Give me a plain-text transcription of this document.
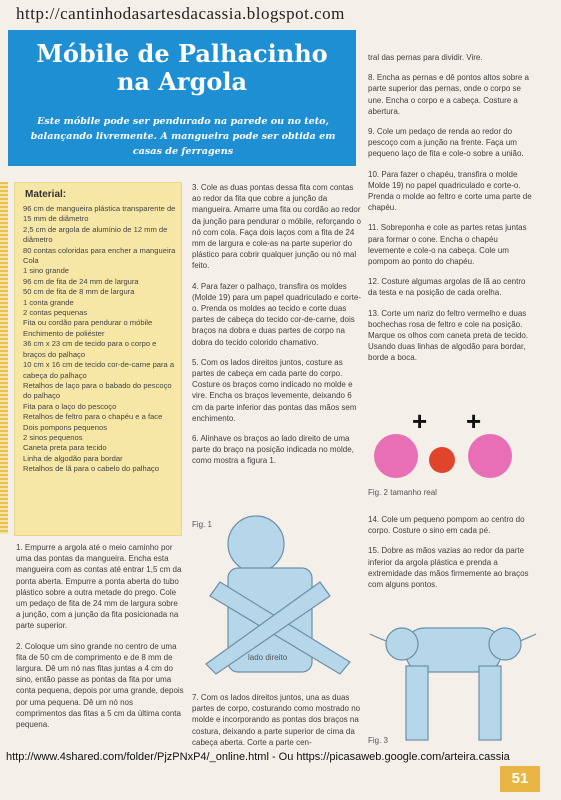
http://cantinhodasartesdacassia.blogspot.com
Móbile de Palhacinho
na Argola
Este móbile pode ser pendurado na parede ou no teto, balançando livremente. A mangueira pode ser obtida em casas de ferragens
Material:
96 cm de mangueira plástica transparente de 15 mm de diâmetro
2,5 cm de argola de alumínio de 12 mm de diâmetro
80 contas coloridas para encher a mangueira
Cola
1 sino grande
96 cm de fita de 24 mm de largura
50 cm de fita de 8 mm de largura
1 conta grande
2 contas pequenas
Fita ou cordão para pendurar o móbile
Enchimento de poliéster
36 cm x 23 cm de tecido para o corpo e braços do palhaço
10 cm x 16 cm de tecido cor-de-carne para a cabeça do palhaço
Retalhos de laço para o babado do pescoço do palhaço
Fita para o laço do pescoço
Retalhos de feltro para o chapéu e a face
Dois pompons pequenos
2 sinos pequenos
Caneta preta para tecido
Linha de algodão para bordar
Retalhos de lã para o cabelo do palhaço

1. Empurre a argola até o meio caminho por uma das pontas da mangueira. Encha esta mangueira com as contas até entrar 1,5 cm da ponta aberta. Empurre a ponta aberta do tubo plástico sobre a outra metade do prego. Cole um pedaço de fita de 24 mm de largura sobre a junção, com a junção da fita posicionada na parte superior.

2. Coloque um sino grande no centro de uma fita de 50 cm de comprimento e de 8 mm de largura. Dê um nó nas fitas juntas a 4 cm do sino, então passe as pontas da fita por uma conta pequena, depois por uma grande, depois por uma pequena. Dê um nó nos comprimentos das fitas a 5 cm da última conta pequena.

3. Cole as duas pontas dessa fita com contas ao redor da fita que cobre a junção da mangueira. Amarre uma fita ou cordão ao redor da junção para pendurar o móbile, reforçando o nó com cola. Faça dois laços com a fita de 24 mm de largura e cole-as na parte superior do plástico para cobrir qualquer junção ou nó mal feito.

4. Para fazer o palhaço, transfira os moldes (Molde 19) para um papel quadriculado e corte-o. Prenda os moldes ao tecido e corte duas partes de cabeça do tecido cor-de-carne, dois braços na dobra e duas partes de corpo na dobra do tecido colorido chamativo.

5. Com os lados direitos juntos, costure as partes de cabeça em cada parte do corpo. Costure os braços como indicado no molde e vire. Encha os braços levemente, deixando 6 cm da parte inferior das pontas das mãos sem enchimento.

6. Alinhave os braços ao lado direito de uma parte do braço na posição indicada no molde, como mostra a figura 1.

Fig. 1
lado direito

7. Com os lados direitos juntos, una as duas partes de corpo, costurando como mostrado no molde e incorporando as pontas dos braços na costura, deixando a parte superior de cima da cabeça aberta. Corte a parte cen-

tral das pernas para dividir. Vire.

8. Encha as pernas e dê pontos altos sobre a parte superior das pernas, onde o corpo se une. Encha o corpo e a cabeça. Costure a abertura.

9. Cole um pedaço de renda ao redor do pescoço com a junção na frente. Faça um pequeno laço de fita e cole-o sobre a união.

10. Para fazer o chapéu, transfira o molde Molde 19) no papel quadriculado e corte-o. Prenda o molde ao feltro e corte uma parte de chapéu.

11. Sobreponha e cole as partes retas juntas para formar o cone. Encha o chapéu levemente e cole-o na cabeça. Cole um pompom ao ponto do chapéu.

12. Costure algumas argolas de lã ao centro da testa e na posição de cada orelha.

13. Corte um nariz do feltro vermelho e duas bochechas rosa de feltro e cole na posição. Marque os olhos com caneta preta de tecido. Usando duas linhas de algodão para bordar, borde a boca.

+ +
Fig. 2 tamanho real

14. Cole um pequeno pompom ao centro do corpo. Costure o sino em cada pé.

15. Dobre as mãos vazias ao redor da parte inferior da argola plástica e prenda a extremidade das mãos firmemente ao braços com alguns pontos.

Fig. 3
http://www.4shared.com/folder/PjzPNxP4/_online.html - Ou https://picasaweb.google.com/arteira.cassia
51
